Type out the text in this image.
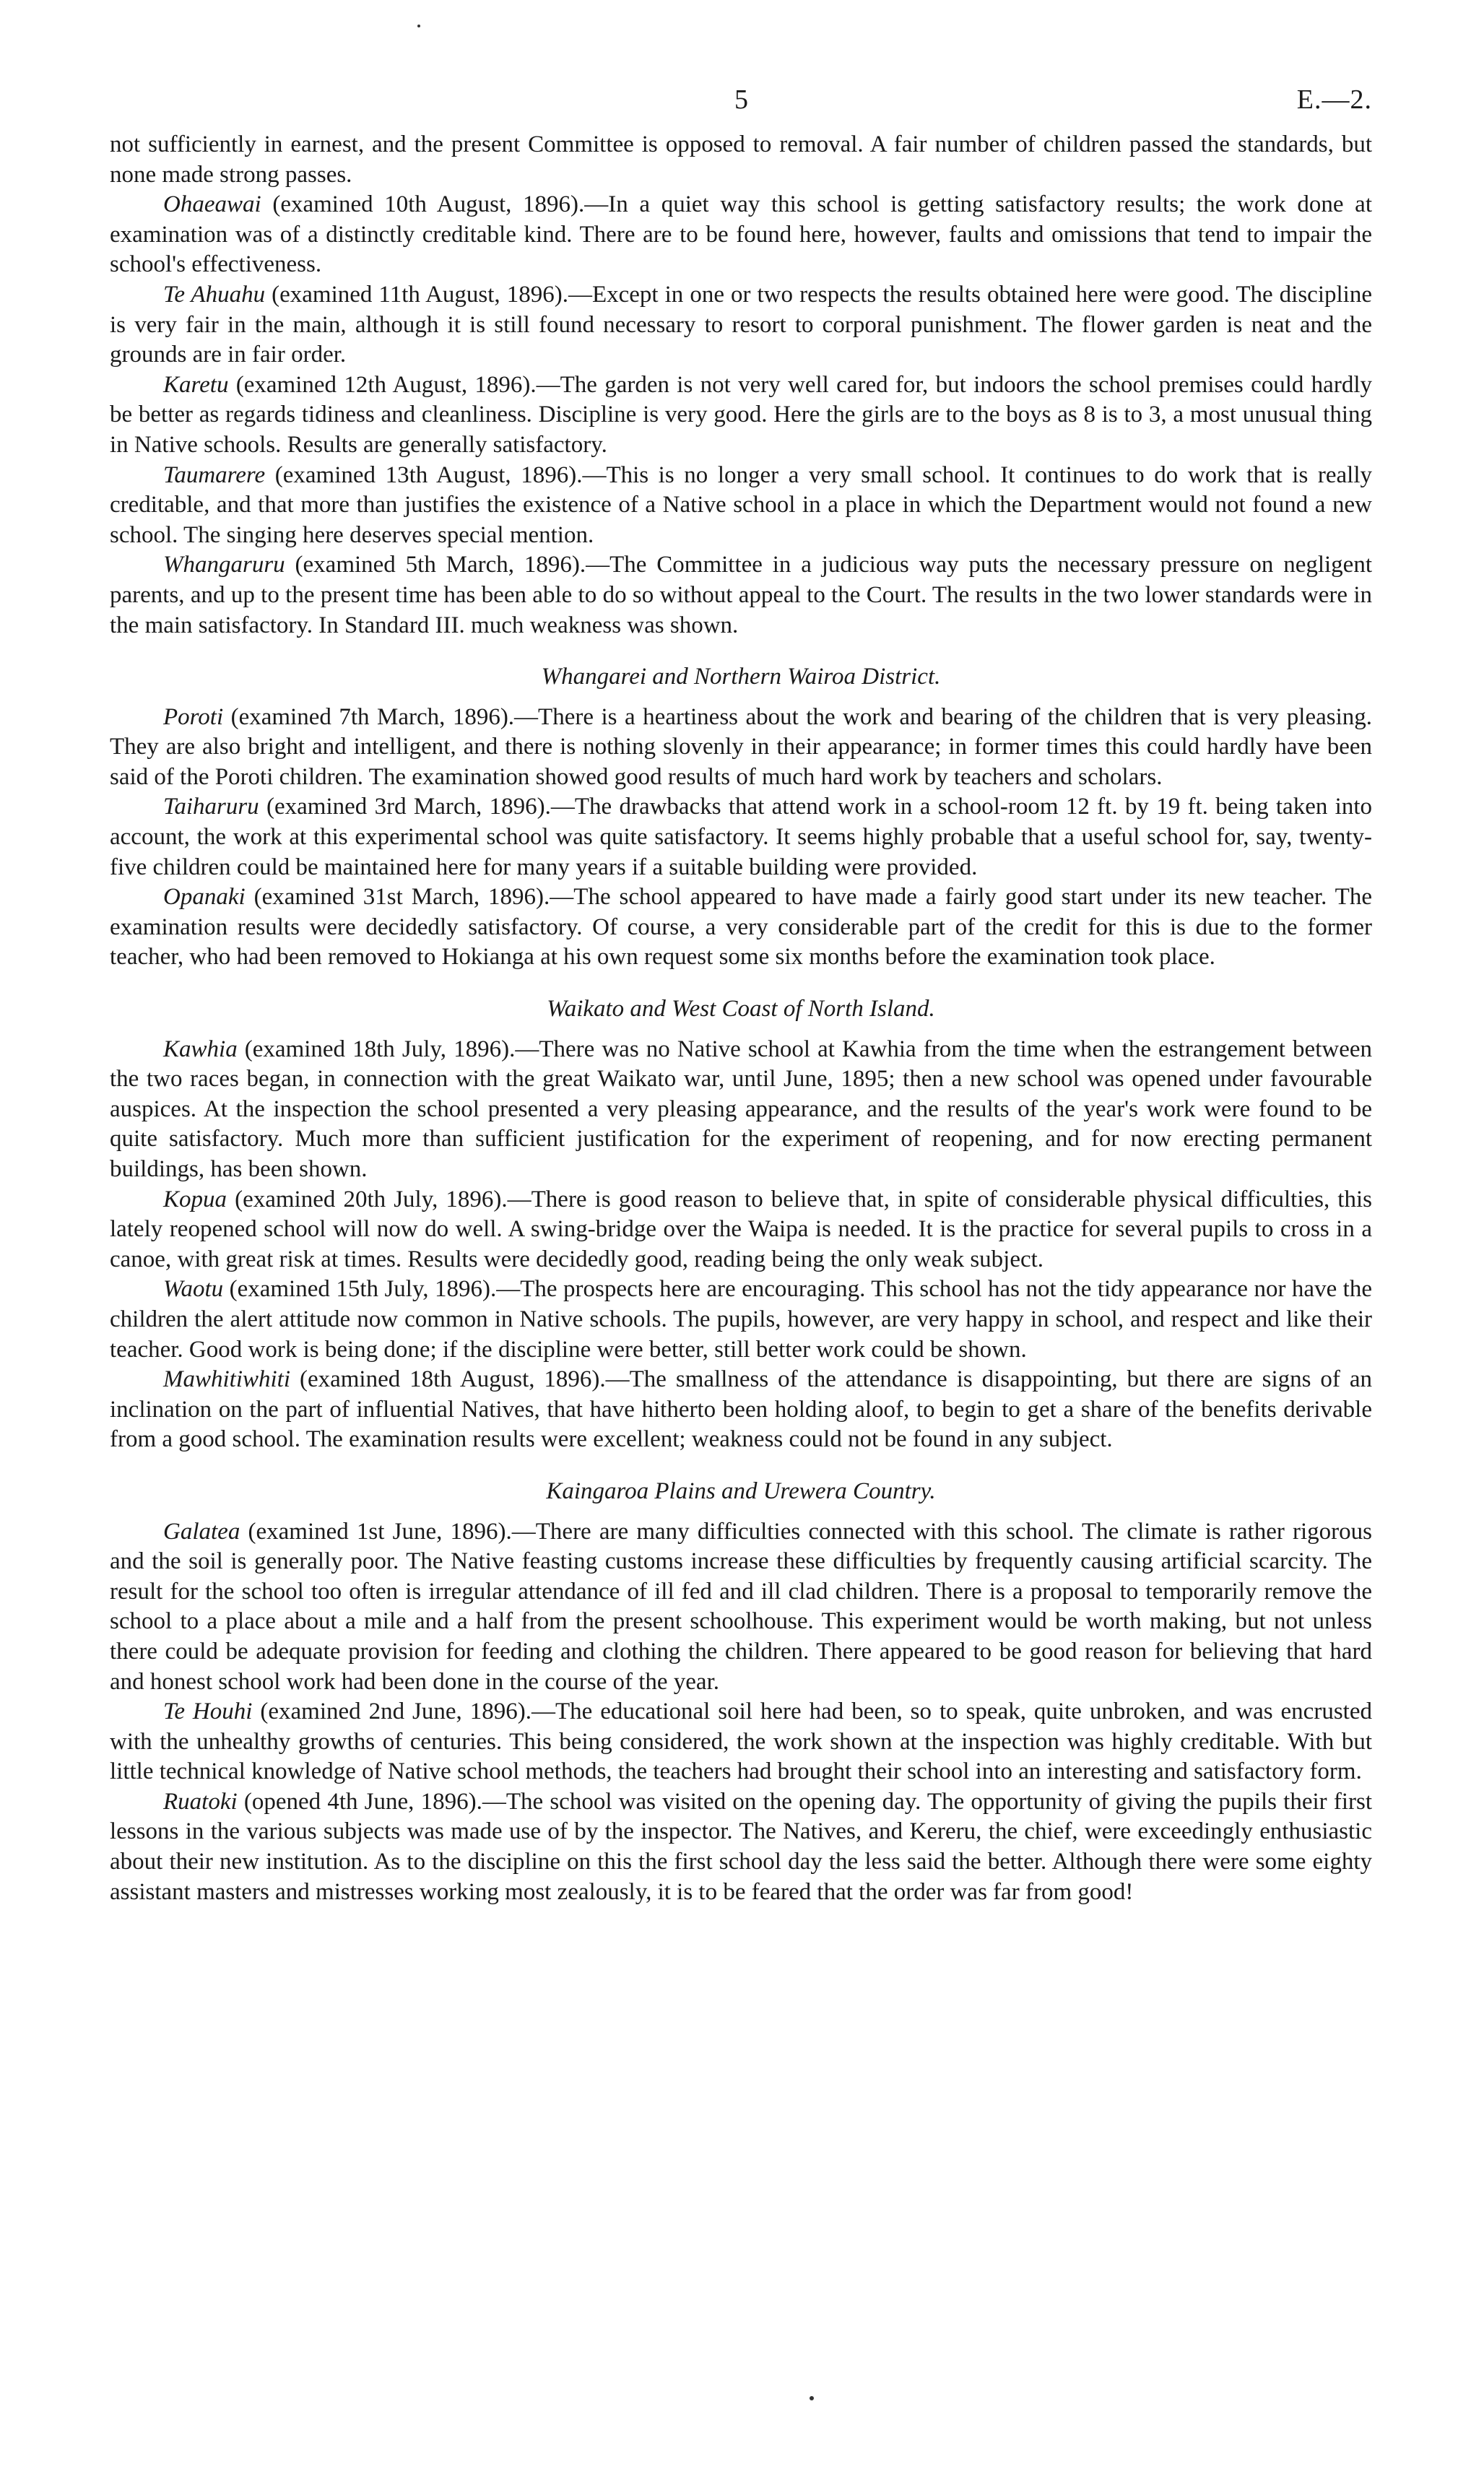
5	E.—2.

not sufficiently in earnest, and the present Committee is opposed to removal. A fair number of children passed the standards, but none made strong passes.

Ohaeawai (examined 10th August, 1896).—In a quiet way this school is getting satisfactory results; the work done at examination was of a distinctly creditable kind. There are to be found here, however, faults and omissions that tend to impair the school's effectiveness.

Te Ahuahu (examined 11th August, 1896).—Except in one or two respects the results obtained here were good. The discipline is very fair in the main, although it is still found necessary to resort to corporal punishment. The flower garden is neat and the grounds are in fair order.

Karetu (examined 12th August, 1896).—The garden is not very well cared for, but indoors the school premises could hardly be better as regards tidiness and cleanliness. Discipline is very good. Here the girls are to the boys as 8 is to 3, a most unusual thing in Native schools. Results are generally satisfactory.

Taumarere (examined 13th August, 1896).—This is no longer a very small school. It continues to do work that is really creditable, and that more than justifies the existence of a Native school in a place in which the Department would not found a new school. The singing here deserves special mention.

Whangaruru (examined 5th March, 1896).—The Committee in a judicious way puts the necessary pressure on negligent parents, and up to the present time has been able to do so without appeal to the Court. The results in the two lower standards were in the main satisfactory. In Standard III. much weakness was shown.

Whangarei and Northern Wairoa District.

Poroti (examined 7th March, 1896).—There is a heartiness about the work and bearing of the children that is very pleasing. They are also bright and intelligent, and there is nothing slovenly in their appearance; in former times this could hardly have been said of the Poroti children. The examination showed good results of much hard work by teachers and scholars.

Taiharuru (examined 3rd March, 1896).—The drawbacks that attend work in a school-room 12 ft. by 19 ft. being taken into account, the work at this experimental school was quite satisfactory. It seems highly probable that a useful school for, say, twenty-five children could be maintained here for many years if a suitable building were provided.

Opanaki (examined 31st March, 1896).—The school appeared to have made a fairly good start under its new teacher. The examination results were decidedly satisfactory. Of course, a very considerable part of the credit for this is due to the former teacher, who had been removed to Hokianga at his own request some six months before the examination took place.

Waikato and West Coast of North Island.

Kawhia (examined 18th July, 1896).—There was no Native school at Kawhia from the time when the estrangement between the two races began, in connection with the great Waikato war, until June, 1895; then a new school was opened under favourable auspices. At the inspection the school presented a very pleasing appearance, and the results of the year's work were found to be quite satisfactory. Much more than sufficient justification for the experiment of reopening, and for now erecting permanent buildings, has been shown.

Kopua (examined 20th July, 1896).—There is good reason to believe that, in spite of considerable physical difficulties, this lately reopened school will now do well. A swing-bridge over the Waipa is needed. It is the practice for several pupils to cross in a canoe, with great risk at times. Results were decidedly good, reading being the only weak subject.

Waotu (examined 15th July, 1896).—The prospects here are encouraging. This school has not the tidy appearance nor have the children the alert attitude now common in Native schools. The pupils, however, are very happy in school, and respect and like their teacher. Good work is being done; if the discipline were better, still better work could be shown.

Mawhitiwhiti (examined 18th August, 1896).—The smallness of the attendance is disappointing, but there are signs of an inclination on the part of influential Natives, that have hitherto been holding aloof, to begin to get a share of the benefits derivable from a good school. The examination results were excellent; weakness could not be found in any subject.

Kaingaroa Plains and Urewera Country.

Galatea (examined 1st June, 1896).—There are many difficulties connected with this school. The climate is rather rigorous and the soil is generally poor. The Native feasting customs increase these difficulties by frequently causing artificial scarcity. The result for the school too often is irregular attendance of ill fed and ill clad children. There is a proposal to temporarily remove the school to a place about a mile and a half from the present schoolhouse. This experiment would be worth making, but not unless there could be adequate provision for feeding and clothing the children. There appeared to be good reason for believing that hard and honest school work had been done in the course of the year.

Te Houhi (examined 2nd June, 1896).—The educational soil here had been, so to speak, quite unbroken, and was encrusted with the unhealthy growths of centuries. This being considered, the work shown at the inspection was highly creditable. With but little technical knowledge of Native school methods, the teachers had brought their school into an interesting and satisfactory form.

Ruatoki (opened 4th June, 1896).—The school was visited on the opening day. The opportunity of giving the pupils their first lessons in the various subjects was made use of by the inspector. The Natives, and Kereru, the chief, were exceedingly enthusiastic about their new institution. As to the discipline on this the first school day the less said the better. Although there were some eighty assistant masters and mistresses working most zealously, it is to be feared that the order was far from good!
